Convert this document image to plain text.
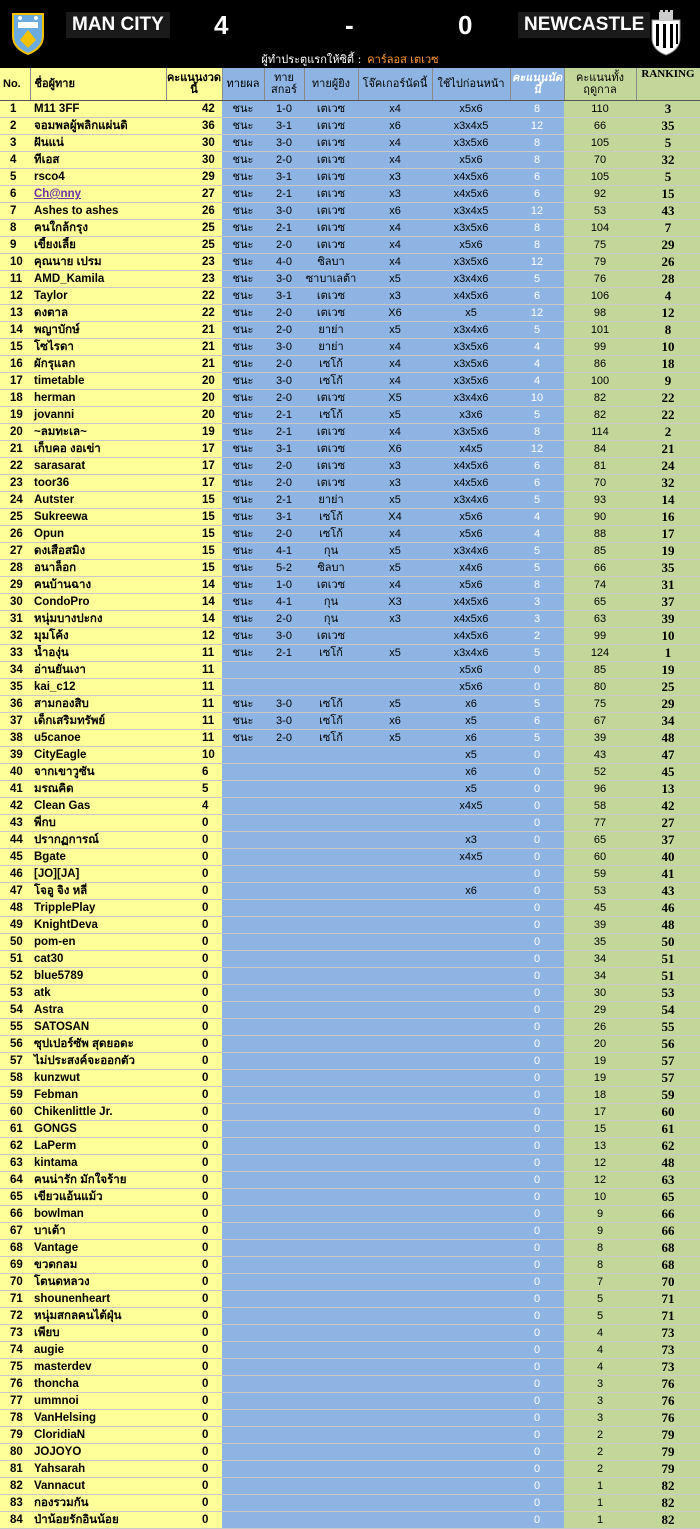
MAN CITY 4	-	0	NEWCASTLE
ผู้ทำประตูแรกให้ซิตี้ : คาร์ลอส เตเวซ
No.	ชื่อผู้ทาย	คะแนนงวดนี้	ทายผล	ทายสกอร์	ทายผู้ยิง	โจ๊คเกอร์นัดนี้	ใช้ไปก่อนหน้า	คะแนนนัดนี้	คะแนนทั้งฤดูกาล	RANKING
1	M11 3FF	42	ชนะ	1-0	เตเวซ	x4	x5x6	8	110	3
2	จอมพลผู้พลิกแผ่นดิ	36	ชนะ	3-1	เตเวซ	x6	x3x4x5	12	66	35
3	ฝันแน่	30	ชนะ	3-0	เตเวซ	x4	x3x5x6	8	105	5
4	ทีเอส	30	ชนะ	2-0	เตเวซ	x4	x5x6	8	70	32
5	rsco4	29	ชนะ	3-1	เตเวซ	x3	x4x5x6	6	105	5
6	Ch@nny	27	ชนะ	2-1	เตเวซ	x3	x4x5x6	6	92	15
7	Ashes to ashes	26	ชนะ	3-0	เตเวซ	x6	x3x4x5	12	53	43
8	คนใกล้กรุง	25	ชนะ	2-1	เตเวซ	x4	x3x5x6	8	104	7
9	เขี้ยงเลี้ย	25	ชนะ	2-0	เตเวซ	x4	x5x6	8	75	29
10	คุณนาย เปรม	23	ชนะ	4-0	ซิลบา	x4	x3x5x6	12	79	26
11	AMD_Kamila	23	ชนะ	3-0	ซาบาเลต้า	x5	x3x4x6	5	76	28
12	Taylor	22	ชนะ	3-1	เตเวซ	x3	x4x5x6	6	106	4
13	ดงตาล	22	ชนะ	2-0	เตเวซ	X6	x5	12	98	12
14	พญาบักษ์	21	ชนะ	2-0	ยาย่า	x5	x3x4x6	5	101	8
15	โซไรดา	21	ชนะ	3-0	ยาย่า	x4	x3x5x6	4	99	10
16	ผักรุแลก	21	ชนะ	2-0	เซโก้	x4	x3x5x6	4	86	18
17	timetable	20	ชนะ	3-0	เซโก้	x4	x3x5x6	4	100	9
18	herman	20	ชนะ	2-0	เตเวซ	X5	x3x4x6	10	82	22
19	jovanni	20	ชนะ	2-1	เซโก้	x5	x3x6	5	82	22
20	~ลมทะเล~	19	ชนะ	2-1	เตเวซ	x4	x3x5x6	8	114	2
21	เก็บคอ งอเข่า	17	ชนะ	3-1	เตเวซ	X6	x4x5	12	84	21
22	sarasarat	17	ชนะ	2-0	เตเวซ	x3	x4x5x6	6	81	24
23	toor36	17	ชนะ	2-0	เตเวซ	x3	x4x5x6	6	70	32
24	Autster	15	ชนะ	2-1	ยาย่า	x5	x3x4x6	5	93	14
25	Sukreewa	15	ชนะ	3-1	เซโก้	X4	x5x6	4	90	16
26	Opun	15	ชนะ	2-0	เซโก้	x4	x5x6	4	88	17
27	ดงเสือสมิง	15	ชนะ	4-1	กุน	x5	x3x4x6	5	85	19
28	อนาล็อก	15	ชนะ	5-2	ซิลบา	x5	x4x6	5	66	35
29	คนบ้านฉาง	14	ชนะ	1-0	เตเวซ	x4	x5x6	8	74	31
30	CondoPro	14	ชนะ	4-1	กุน	X3	x4x5x6	3	65	37
31	หนุ่มบางปะกง	14	ชนะ	2-0	กุน	x3	x4x5x6	3	63	39
32	มุมโค้ง	12	ชนะ	3-0	เตเวซ		x4x5x6	2	99	10
33	น้ำองุ่น	11	ชนะ	2-1	เซโก้	x5	x3x4x6	5	124	1
34	อ่านยันเงา	11					x5x6	0	85	19
35	kai_c12	11					x5x6	0	80	25
36	สามกองสิบ	11	ชนะ	3-0	เซโก้	x5	x6	5	75	29
37	เด็กเสริมทรัพย์	11	ชนะ	3-0	เซโก้	x6	x5	6	67	34
38	u5canoe	11	ชนะ	2-0	เซโก้	x5	x6	5	39	48
39	CityEagle	10					x5	0	43	47
40	จากเขาวูซัน	6					x6	0	52	45
41	มรณคิด	5					x5	0	96	13
42	Clean Gas	4					x4x5	0	58	42
43	พี่กบ	0						0	77	27
44	ปรากฏการณ์	0					x3	0	65	37
45	Bgate	0					x4x5	0	60	40
46	[JO][JA]	0						0	59	41
47	โจอู จิง หลี่	0					x6	0	53	43
48	TripplePlay	0						0	45	46
49	KnightDeva	0						0	39	48
50	pom-en	0						0	35	50
51	cat30	0						0	34	51
52	blue5789	0						0	34	51
53	atk	0						0	30	53
54	Astra	0						0	29	54
55	SATOSAN	0						0	26	55
56	ซุปเปอร์ซัพ สุดยอดะ	0						0	20	56
57	ไม่ประสงค์จะออกตัว	0						0	19	57
58	kunzwut	0						0	19	57
59	Febman	0						0	18	59
60	Chikenlittle Jr.	0						0	17	60
61	GONGS	0						0	15	61
62	LaPerm	0						0	13	62
63	kintama	0						0	12	48
64	คนน่ารัก มักใจร้าย	0						0	12	63
65	เขียวแอ้นแม้ว	0						0	10	65
66	bowlman	0						0	9	66
67	บาเต้า	0						0	9	66
68	Vantage	0						0	8	68
69	ขวดกลม	0						0	8	68
70	โตนดหลวง	0						0	7	70
71	shounenheart	0						0	5	71
72	หนุ่มสกลคนไต้ฝุ่น	0						0	5	71
73	เพียบ	0						0	4	73
74	augie	0						0	4	73
75	masterdev	0						0	4	73
76	thoncha	0						0	3	76
77	ummnoi	0						0	3	76
78	VanHelsing	0						0	3	76
79	CloridiaN	0						0	2	79
80	JOJOYO	0						0	2	79
81	Yahsarah	0						0	2	79
82	Vannacut	0						0	1	82
83	กองรวมกัน	0						0	1	82
84	ป่าน้อยรักอินน้อย	0						0	1	82
